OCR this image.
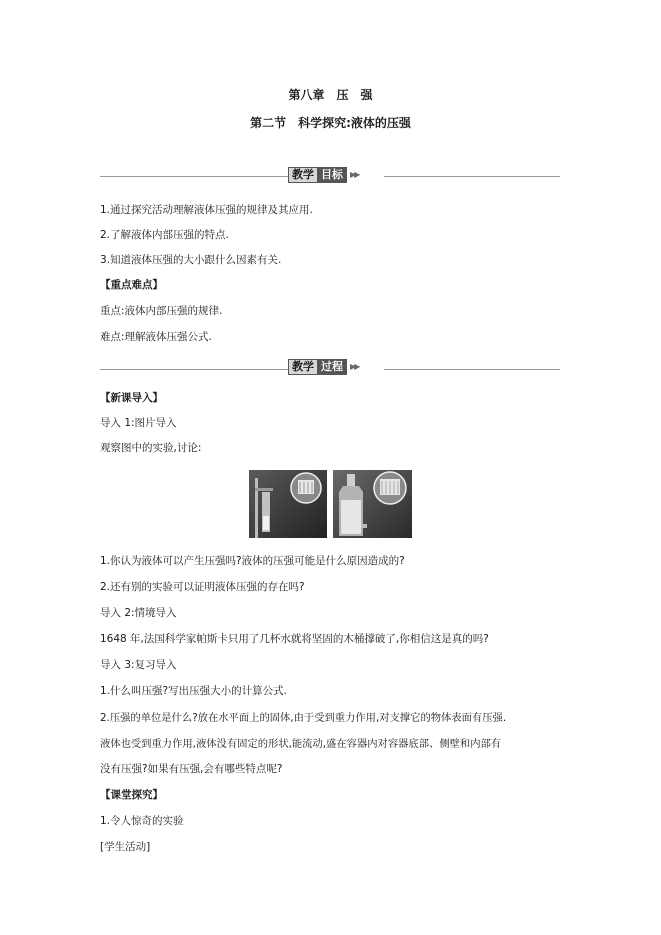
第八章　压　强
第二节　科学探究:液体的压强
教学 目标 ▶▶
1.通过探究活动理解液体压强的规律及其应用.
2.了解液体内部压强的特点.
3.知道液体压强的大小跟什么因素有关.
【重点难点】
重点:液体内部压强的规律.
难点:理解液体压强公式.
教学 过程 ▶▶
【新课导入】
导入 1:图片导入
观察图中的实验,讨论:
1.你认为液体可以产生压强吗?液体的压强可能是什么原因造成的?
2.还有别的实验可以证明液体压强的存在吗?
导入 2:情境导入
1648 年,法国科学家帕斯卡只用了几杯水就将坚固的木桶撑破了,你相信这是真的吗?
导入 3:复习导入
1.什么叫压强?写出压强大小的计算公式.
2.压强的单位是什么?放在水平面上的固体,由于受到重力作用,对支撑它的物体表面有压强.
液体也受到重力作用,液体没有固定的形状,能流动,盛在容器内对容器底部、侧壁和内部有
没有压强?如果有压强,会有哪些特点呢?
【课堂探究】
1.令人惊奇的实验
[学生活动]
